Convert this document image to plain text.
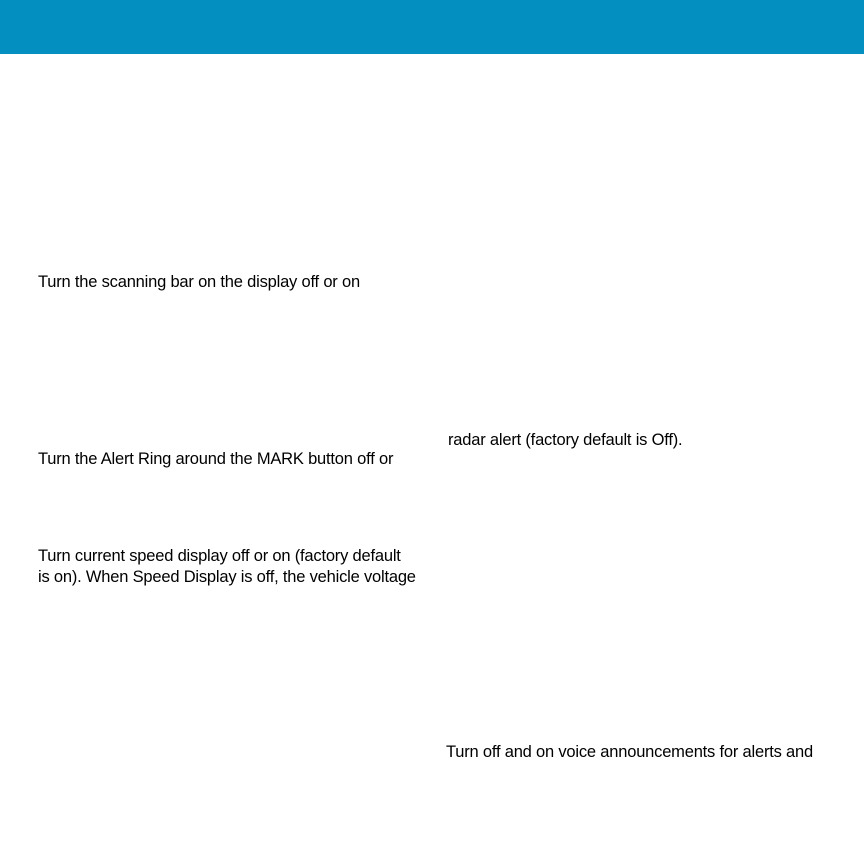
Turn the scanning bar on the display off or on
radar alert (factory default is Off).
Turn the Alert Ring around the MARK button off or
Turn current speed display off or on (factory default
is on). When Speed Display is off, the vehicle voltage
Turn off and on voice announcements for alerts and
